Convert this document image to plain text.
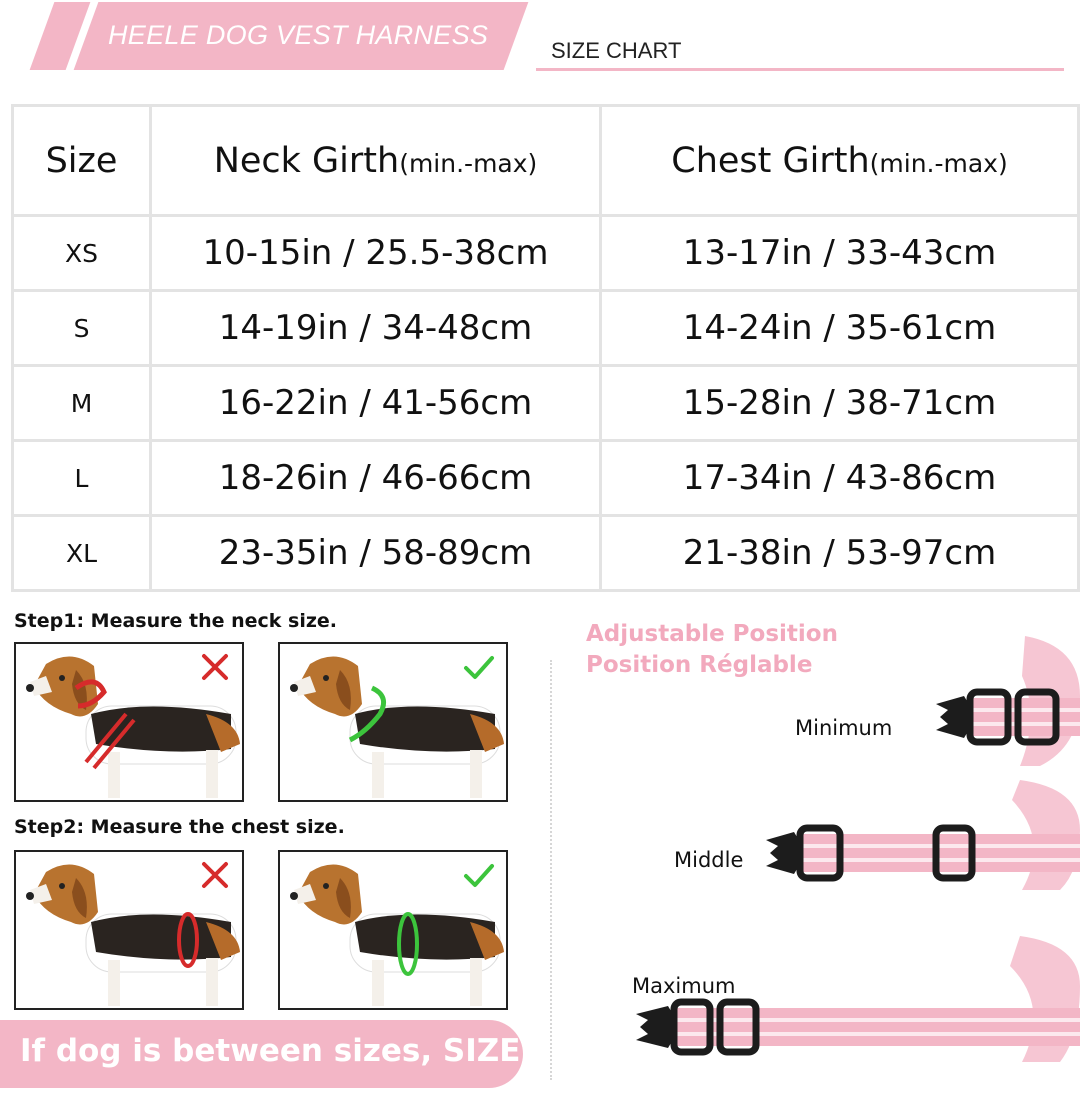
HEELE DOG VEST HARNESS
SIZE CHART
Size	Neck Girth(min.-max)	Chest Girth(min.-max)
XS	10-15in / 25.5-38cm	13-17in / 33-43cm
S	14-19in / 34-48cm	14-24in / 35-61cm
M	16-22in / 41-56cm	15-28in / 38-71cm
L	18-26in / 46-66cm	17-34in / 43-86cm
XL	23-35in / 58-89cm	21-38in / 53-97cm
Step1: Measure the neck size.
Step2: Measure the chest size.
If dog is between sizes, SIZE UP
Adjustable Position
Position Réglable
Minimum
Middle
Maximum
